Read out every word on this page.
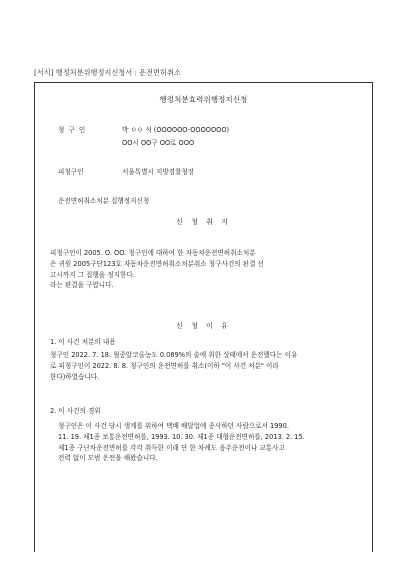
[서식] 행정처분위행정지신청서 : 운전면허취소
행정처분효력위행정지신청
청 구 인	박 ㅇㅇ 석 (OOOOOO-OOOOOOO)
OO시 OO구 OO로 OOO
피청구인	서울특별시 지방경찰청장
운전면허취소처분 집행정지신청
신 청 취 지
피청구인이 2005. O. OO. 청구인에 대하여 한 자동차운전면허취소처분
은 귀원 2005구단123호 자동차운전면허취소처분취소 청구사건의 판결 선
고시까지 그 집행을 정지한다.
라는 판결을 구합니다.
신 청 이 유
1. 이 사건 처분의 내용
청구인 2022. 7. 18. 혈중알코올농도 0.089%의 술에 취한 상태에서 운전했다는 이유
로 피청구인이 2022. 8. 8. 청구인의 운전면허를 취소(이하 "이 사건 처분" 이라
한다)하였습니다.
2. 이 사건의 경위
청구인은 이 사건 당시 생계를 위하여 택배 배달업에 종사하던 사람으로서 1990.
11. 19. 제1종 보통운전면허를, 1993. 10. 30. 제1종 대형운전면허를, 2013. 2. 15.
제1종 구난차운전면허를 각각 취득한 이래 단 한 차례도 음주운전이나 교통사고
전력 없이 모범 운전을 해왔습니다.
